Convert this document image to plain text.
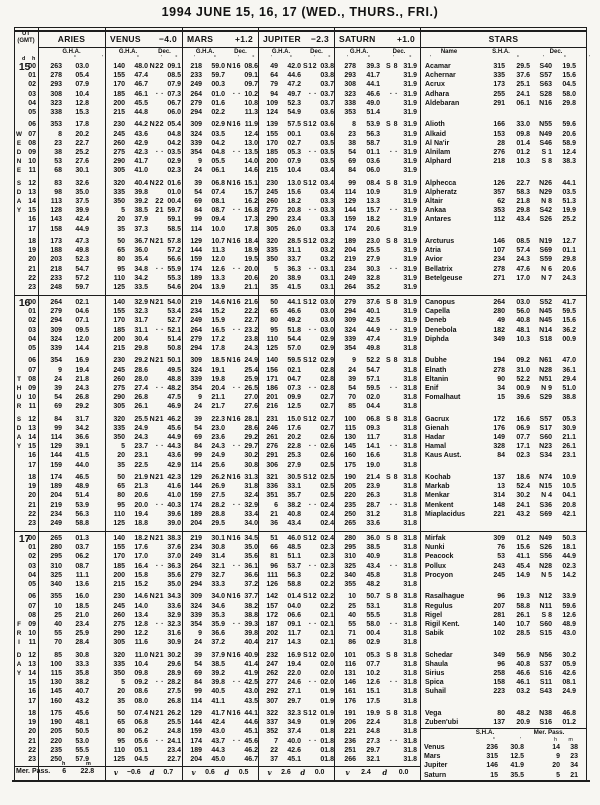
1994 JUNE 15, 16, 17 (WED., THURS., FRI.)
UT
(GMT)	ARIES	VENUS −4.0 MARS	+1.2 JUPITER −2.3 SATURN	+1.0	STARS
G.H.A.	G.H.A.	Dec.	G.H.A.	Dec.	G.H.A.	Dec.	G.H.A.	Dec.	Name	S.H.A.	Dec.
d h	°	′	°	′	°	′	°	′	°	′	°	′	°	′	°	′	°	′	°	′	°	′
15
00	263	03.0	140	48.0 N22 09.1	218	59.0 N16 08.6	49	42.0 S12 03.8	278	39.3 S 8 31.9	Acamar	315	29.5	S40	19.5
01	278	05.4	155	47.4	08.5	233	59.7	09.1	64	44.6	03.8	293	41.7	31.9	Achernar	335	37.6	S57	15.6
02	293	07.9	170	46.7	07.9	249	00.3	09.7	79	47.2	03.7	308	44.1	31.9	Acrux	173	25.1	S63	04.5
03	308	10.4	185	46.1	· · 07.3	264	01.0	· · 10.2	94	49.7	· · 03.7	323	46.6	· · 31.9	Adhara	255	24.1	S28	58.0
04	323	12.8	200	45.5	06.7	279	01.6	10.8	109	52.3	03.7	338	49.0	31.9	Aldebaran	291	06.1	N16	29.8
05	338	15.3	215	44.8	06.0	294	02.2	11.3	124	54.9	03.6	353	51.4	31.9
06	353	17.8	230	44.2 N22 05.4	309	02.9 N16 11.9	139	57.5 S12 03.6	8	53.9 S 8 31.9	Alioth	166	33.0	N55	59.6
W 07	8	20.2	245	43.6	04.8	324	03.5	12.4	155	00.1	03.6	23	56.3	31.9	Alkaid	153	09.8	N49	20.6
E	08	23	22.7	260	42.9	04.2	339	04.2	13.0	170	02.7	03.5	38	58.7	31.9	Al Na'ir	28	01.4	S46	58.9
D 09	38	25.2	275	42.3	· · 03.5	354	04.8	· · 13.5	185	05.3	· · 03.5	54	01.1	· · 31.9	Alnilam	276	01.2	S 1	12.4
N 10	53	27.6	290	41.7	02.9	9	05.5	14.0	200	07.9	03.5	69	03.6	31.9	Alphard	218	10.3	S 8	38.3
E	11	68	30.1	305	41.0	02.3	24	06.1	14.6	215	10.4	03.4	84	06.0	31.9
S	12	83	32.6	320	40.4 N22 01.6	39	06.8 N16 15.1	230	13.0 S12 03.4	99	08.4 S 8 31.9	Alphecca	126	22.7	N26	44.1
D 13	98	35.0	335	39.8	01.0	54	07.4	15.7	245	15.6	03.4	114	10.9	31.9	Alpheratz	357	58.3	N29	03.5
A 14	113	37.5	350	39.2	22 00.4	69	08.1	16.2	260	18.2	03.3	129	13.3	31.9	Altair	62	21.8	N 8	51.3
Y	15	128	39.9	5	38.5	21 59.7	84	08.7	· · 16.8	275	20.8	· · 03.3	144	15.7	· · 31.9	Ankaa	353	29.8	S42	19.9
16	143	42.4	20	37.9	59.1	99	09.4	17.3	290	23.4	03.3	159	18.2	31.9	Antares	112	43.4	S26	25.2
17	158	44.9	35	37.3	58.5	114	10.0	17.8	305	26.0	03.3	174	20.6	31.9
18	173	47.3	50	36.7 N21 57.8	129	10.7 N16 18.4	320	28.5 S12 03.2	189	23.0 S 8 31.9	Arcturus	146	08.5	N19	12.7
19	188	49.8	65	36.0	57.2	144	11.3	18.9	335	31.1	03.2	204	25.5	31.9	Atria	107	57.4	S69	01.1
20	203	52.3	80	35.4	56.6	159	12.0	19.5	350	33.7	03.2	219	27.9	31.9	Avior	234	24.3	S59	29.8
21	218	54.7	95	34.8	· · 55.9	174	12.6	· · 20.0	5	36.3	· · 03.1	234	30.3	· · 31.9	Bellatrix	278	47.6	N 6	20.6
22	233	57.2	110	34.2	55.3	189	13.3	20.6	20	38.9	03.1	249	32.8	31.9	Betelgeuse	271	17.0	N 7	24.3
23	248	59.7	125	33.5	54.6	204	13.9	21.1	35	41.5	03.1	264	35.2	31.9
16
00	264	02.1	140	32.9 N21 54.0	219	14.6 N16 21.6	50	44.1 S12 03.0	279	37.6 S 8 31.9	Canopus	264	03.0	S52	41.7
01	279	04.6	155	32.3	53.4	234	15.2	22.2	65	46.6	03.0	294	40.1	31.9	Capella	280	56.0	N45	59.5
02	294	07.1	170	31.7	52.7	249	15.9	22.7	80	49.2	03.0	309	42.5	31.9	Deneb	49	40.8	N45	15.6
03	309	09.5	185	31.1	· · 52.1	264	16.5	· · 23.2	95	51.8	· · 03.0	324	44.9	· · 31.9	Denebola	182	48.1	N14	36.2
04	324	12.0	200	30.4	51.4	279	17.2	23.8	110	54.4	02.9	339	47.4	31.9	Diphda	349	10.3	S18	00.9
05	339	14.4	215	29.8	50.8	294	17.8	24.3	125	57.0	02.9	354	49.8	31.8
06	354	16.9	230	29.2 N21 50.1	309	18.5 N16 24.9	140	59.5 S12 02.9	9	52.2 S 8 31.8	Dubhe	194	09.2	N61	47.0
07	9	19.4	245	28.6	49.5	324	19.1	25.4	156	02.1	02.8	24	54.7	31.8	Elnath	278	31.0	N28	36.1
T	08	24	21.8	260	28.0	48.8	339	19.8	25.9	171	04.7	02.8	39	57.1	31.8	Eltanin	90	52.2	N51	29.4
H 09	39	24.3	275	27.4	· · 48.2	354	20.4	· · 26.5	186	07.3	· · 02.8	54	59.5	· · 31.8	Enif	34	00.9	N 9	51.0
U 10	54	26.8	290	26.8	47.5	9	21.1	27.0	201	09.9	02.7	70	02.0	31.8	Fomalhaut	15	39.6	S29	38.8
R	11	69	29.2	305	26.1	46.9	24	21.7	27.6	216	12.5	02.7	85	04.4	31.8
S	12	84	31.7	320	25.5 N21 46.2	39	22.3 N16 28.1	231	15.0 S12 02.7	100	06.8 S 8 31.8	Gacrux	172	16.6	S57	05.3
D 13	99	34.2	335	24.9	45.6	54	23.0	28.6	246	17.6	02.7	115	09.3	31.8	Gienah	176	06.9	S17	30.9
A 14	114	36.6	350	24.3	44.9	69	23.6	29.2	261	20.2	02.6	130	11.7	31.8	Hadar	149	07.7	S60	21.1
Y	15	129	39.1	5	23.7	· · 44.3	84	24.3	· · 29.7	276	22.8	· · 02.6	145	14.1	· · 31.8	Hamal	328	17.1	N23	26.1
16	144	41.5	20	23.1	43.6	99	24.9	30.2	291	25.3	02.6	160	16.6	31.8	Kaus Aust.	84	02.3	S34	23.1
17	159	44.0	35	22.5	42.9	114	25.6	30.8	306	27.9	02.5	175	19.0	31.8
18	174	46.5	50	21.9 N21 42.3	129	26.2 N16 31.3	321	30.5 S12 02.5	190	21.4 S 8 31.8	Kochab	137	18.6	N74	10.9
19	189	48.9	65	21.3	41.6	144	26.9	31.8	336	33.1	02.5	205	23.9	31.8	Markab	13	52.4	N15	10.5
20	204	51.4	80	20.6	41.0	159	27.5	32.4	351	35.7	02.5	220	26.3	31.8	Menkar	314	30.2	N 4	04.1
21	219	53.9	95	20.0	· · 40.3	174	28.2	· · 32.9	6	38.2	· · 02.4	235	28.7	· · 31.8	Menkent	148	24.1	S36	20.8
22	234	56.3	110	19.4	39.6	189	28.8	33.4	21	40.8	02.4	250	31.2	31.8	Miaplacidus	221	43.2	S69	42.1
23	249	58.8	125	18.8	39.0	204	29.5	34.0	36	43.4	02.4	265	33.6	31.8
17
00	265	01.3	140	18.2 N21 38.3	219	30.1 N16 34.5	51	46.0 S12 02.4	280	36.0 S 8 31.8	Mirfak	309	01.2	N49	50.3
01	280	03.7	155	17.6	37.6	234	30.8	35.0	66	48.5	02.3	295	38.5	31.8	Nunki	76	15.6	S26	18.1
02	295	06.2	170	17.0	37.0	249	31.4	35.6	81	51.1	02.3	310	40.9	31.8	Peacock	53	41.1	S56	44.9
03	310	08.7	185	16.4	· · 36.3	264	32.1	· · 36.1	96	53.7	· · 02.3	325	43.4	· · 31.8	Pollux	243	45.4	N28	02.3
04	325	11.1	200	15.8	35.6	279	32.7	36.6	111	56.3	02.2	340	45.8	31.8	Procyon	245	14.9	N 5	14.2
05	340	13.6	215	15.2	35.0	294	33.3	37.2	126	58.8	02.2	355	48.2	31.8
06	355	16.0	230	14.6 N21 34.3	309	34.0 N16 37.7	142	01.4 S12 02.2	10	50.7 S 8 31.8	Rasalhague	96	19.3	N12	33.9
07	10	18.5	245	14.0	33.6	324	34.6	38.2	157	04.0	02.2	25	53.1	31.8	Regulus	207	58.8	N11	59.6
08	25	21.0	260	13.4	32.9	339	35.3	38.8	172	06.6	02.1	40	55.5	31.8	Rigel	281	26.1	S 8	12.6
F	09	40	23.4	275	12.8	· · 32.3	354	35.9	· · 39.3	187	09.1	· · 02.1	55	58.0	· · 31.8	Rigil Kent.	140	10.7	S60	48.9
R 10	55	25.9	290	12.2	31.6	9	36.6	39.8	202	11.7	02.1	71	00.4	31.8	Sabik	102	28.5	S15	43.0
I	11	70	28.4	305	11.6	30.9	24	37.2	40.4	217	14.3	02.1	86	02.9	31.8
D 12	85	30.8	320	11.0 N21 30.2	39	37.9 N16 40.9	232	16.9 S12 02.0	101	05.3 S 8 31.8	Schedar	349	56.9	N56	30.2
A 13	100	33.3	335	10.4	29.6	54	38.5	41.4	247	19.4	02.0	116	07.7	31.8	Shaula	96	40.8	S37	05.9
Y	14	115	35.8	350	09.8	28.9	69	39.2	41.9	262	22.0	02.0	131	10.2	31.8	Sirius	258	46.6	S16	42.6
15	130	38.2	5	09.2	· · 28.2	84	39.8	· · 42.5	277	24.6	· · 02.0	146	12.6	· · 31.8	Spica	158	46.1	S11	08.1
16	145	40.7	20	08.6	27.5	99	40.5	43.0	292	27.1	01.9	161	15.1	31.8	Suhail	223	03.2	S43	24.9
17	160	43.2	35	08.0	26.8	114	41.1	43.5	307	29.7	01.9	176	17.5	31.8
18	175	45.6	50	07.4 N21 26.2	129	41.7 N16 44.1	322	32.3 S12 01.9	191	19.9 S 8 31.8	Vega	80	48.2	N38	46.8
19	190	48.1	65	06.8	25.5	144	42.4	44.6	337	34.9	01.9	206	22.4	31.8	Zuben'ubi	137	20.9	S16	01.2
20	205	50.5	80	06.2	24.8	159	43.0	45.1	352	37.4	01.8	221	24.8	31.8
21	220	53.0	95	05.6	· · 24.1	174	43.7	· · 45.6	7	40.0	· · 01.8	236	27.3	· · 31.8
22	235	55.5	110	05.1	23.4	189	44.3	46.2	22	42.6	01.8	251	29.7	31.8
23	250	57.9	125	04.5	22.7	204	45.0	46.7	37	45.1	01.8	266	32.1	31.8
S.H.A.	Mer. Pass.
°	′	h	m
Venus	236	30.8	14	38
Mars	315	12.5	9	23
Jupiter	146	41.9	20	34
Saturn	15	35.5	5	21
Mer. Pass. 6 22.8
h	m
v −0.6 d 0.7	v 0.6 d 0.5	v 2.6 d 0.0	v 2.4 d 0.0
